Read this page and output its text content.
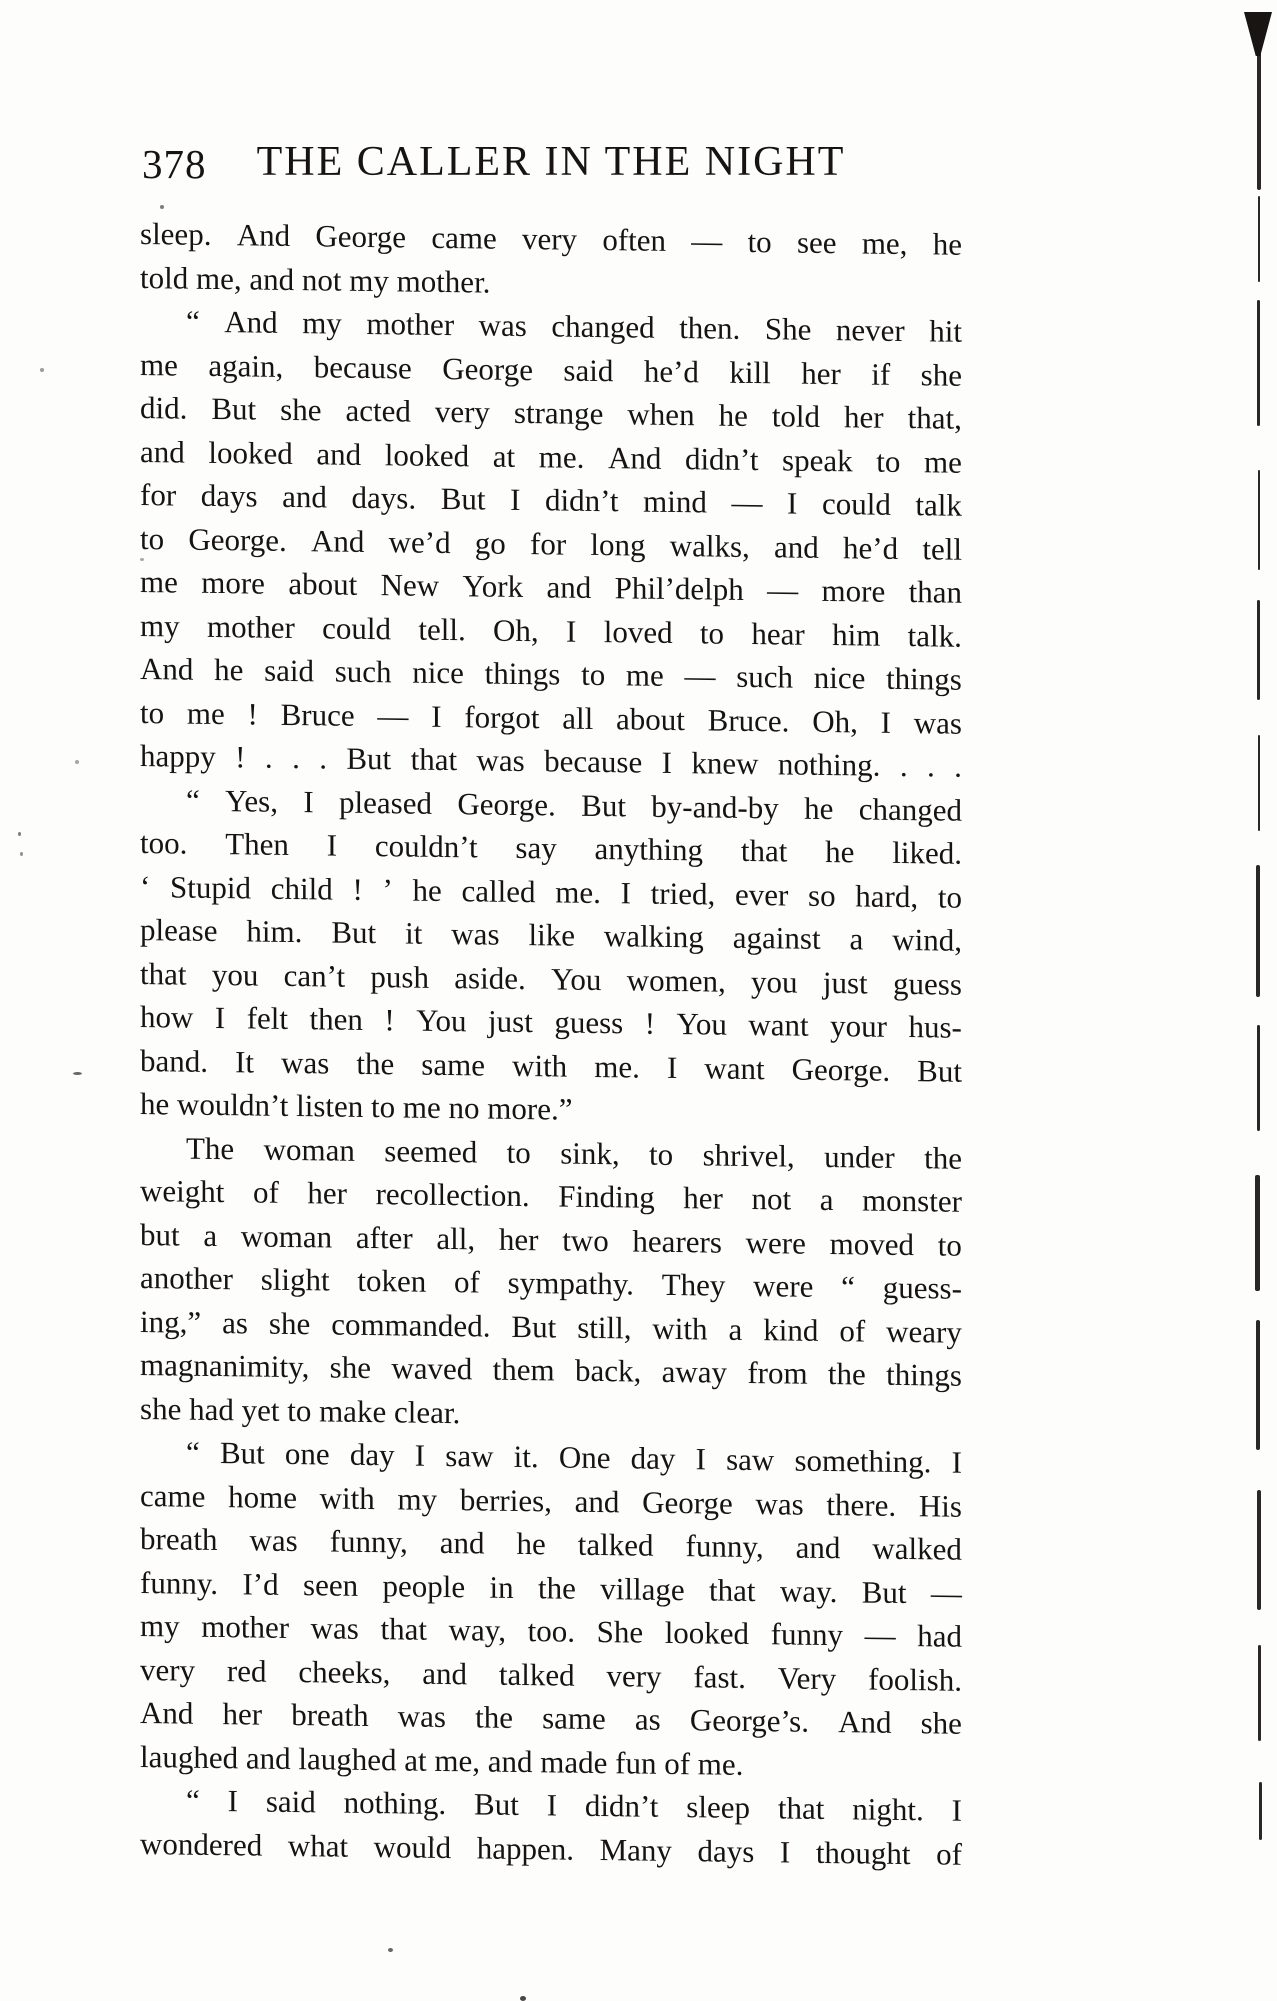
378	THE CALLER IN THE NIGHT
sleep. And George came very often — to see me, he
told me, and not my mother.
“ And my mother was changed then. She never hit
me again, because George said he’d kill her if she
did. But she acted very strange when he told her that,
and looked and looked at me. And didn’t speak to me
for days and days. But I didn’t mind — I could talk
to George. And we’d go for long walks, and he’d tell
me more about New York and Phil’delph — more than
my mother could tell. Oh, I loved to hear him talk.
And he said such nice things to me — such nice things
to me ! Bruce — I forgot all about Bruce. Oh, I was
happy ! . . . But that was because I knew nothing. . . .
“ Yes, I pleased George. But by-and-by he changed
too. Then I couldn’t say anything that he liked.
‘ Stupid child ! ’ he called me. I tried, ever so hard, to
please him. But it was like walking against a wind,
that you can’t push aside. You women, you just guess
how I felt then ! You just guess ! You want your hus-
band. It was the same with me. I want George. But
he wouldn’t listen to me no more.”
The woman seemed to sink, to shrivel, under the
weight of her recollection. Finding her not a monster
but a woman after all, her two hearers were moved to
another slight token of sympathy. They were “ guess-
ing,” as she commanded. But still, with a kind of weary
magnanimity, she waved them back, away from the things
she had yet to make clear.
“ But one day I saw it. One day I saw something. I
came home with my berries, and George was there. His
breath was funny, and he talked funny, and walked
funny. I’d seen people in the village that way. But —
my mother was that way, too. She looked funny — had
very red cheeks, and talked very fast. Very foolish.
And her breath was the same as George’s. And she
laughed and laughed at me, and made fun of me.
“ I said nothing. But I didn’t sleep that night. I
wondered what would happen. Many days I thought of
